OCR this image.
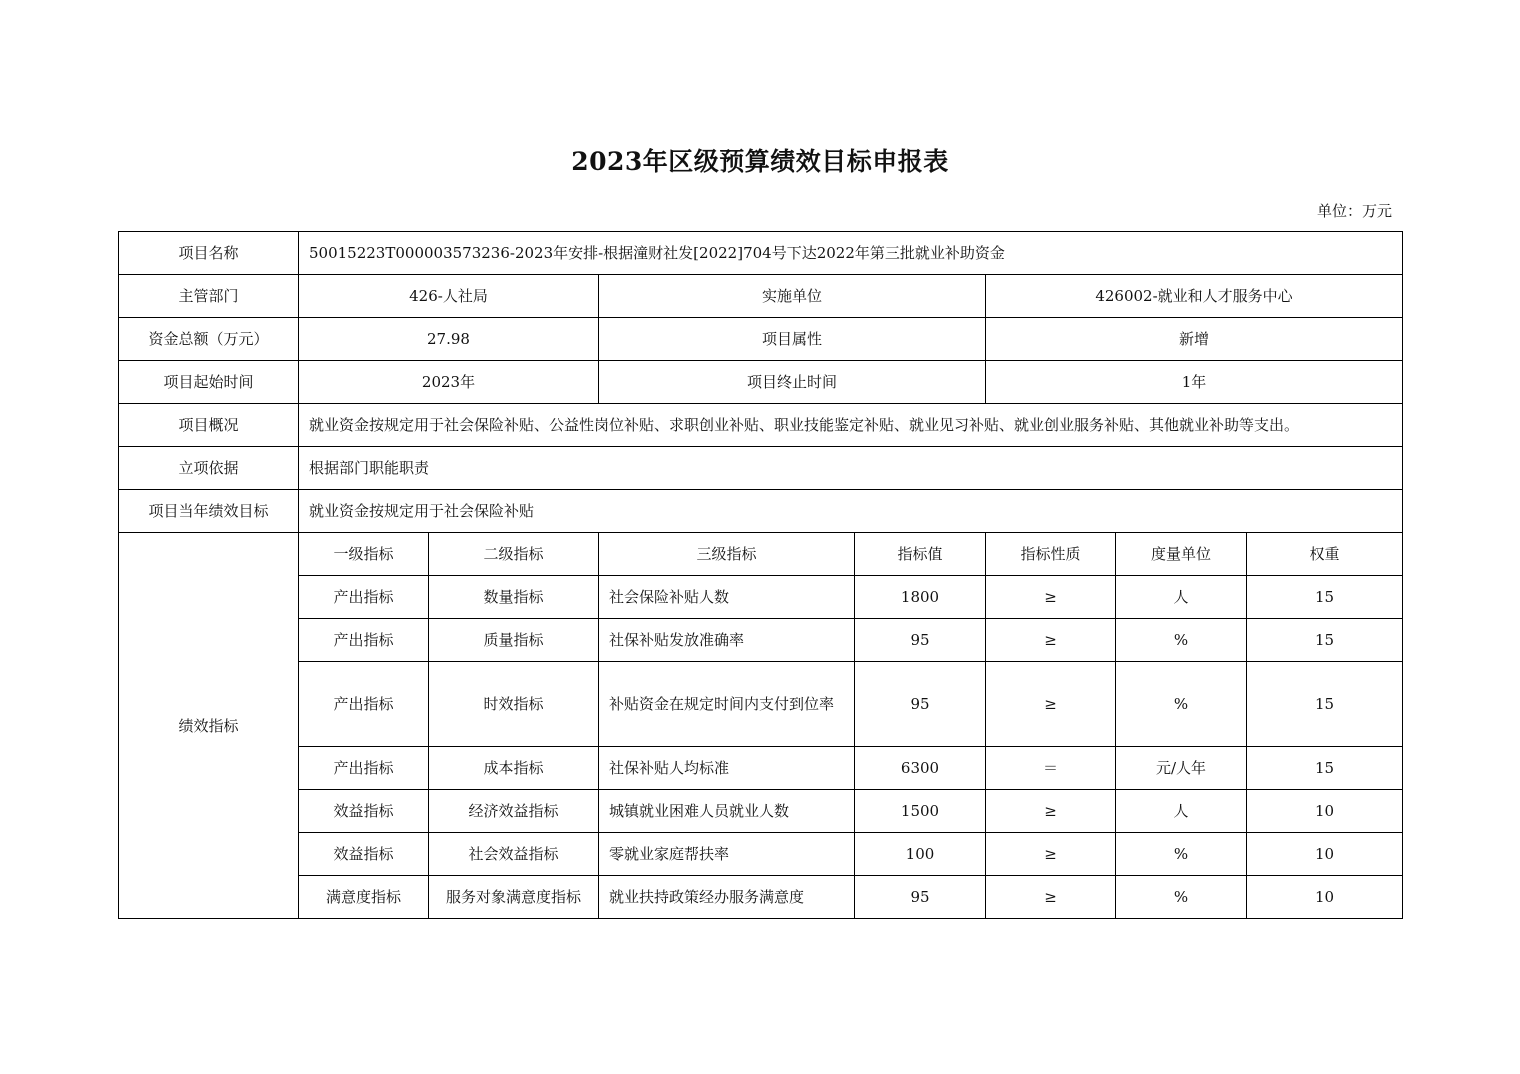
2023年区级预算绩效目标申报表
单位：万元
项目名称	50015223T000003573236-2023年安排-根据潼财社发[2022]704号下达2022年第三批就业补助资金						
主管部门	426-人社局		实施单位		426002-就业和人才服务中心		
资金总额（万元）	27.98		项目属性		新增		
项目起始时间	2023年		项目终止时间		1年		
项目概况	就业资金按规定用于社会保险补贴、公益性岗位补贴、求职创业补贴、职业技能鉴定补贴、就业见习补贴、就业创业服务补贴、其他就业补助等支出。						
立项依据	根据部门职能职责						
项目当年绩效目标	就业资金按规定用于社会保险补贴						
绩效指标	一级指标	二级指标	三级指标	指标值	指标性质	度量单位	权重
	产出指标	数量指标	社会保险补贴人数	1800	≥	人	15
	产出指标	质量指标	社保补贴发放准确率	95	≥	%	15
	产出指标	时效指标	补贴资金在规定时间内支付到位率	95	≥	%	15
	产出指标	成本指标	社保补贴人均标准	6300	＝	元/人年	15
	效益指标	经济效益指标	城镇就业困难人员就业人数	1500	≥	人	10
	效益指标	社会效益指标	零就业家庭帮扶率	100	≥	%	10
	满意度指标	服务对象满意度指标	就业扶持政策经办服务满意度	95	≥	%	10
